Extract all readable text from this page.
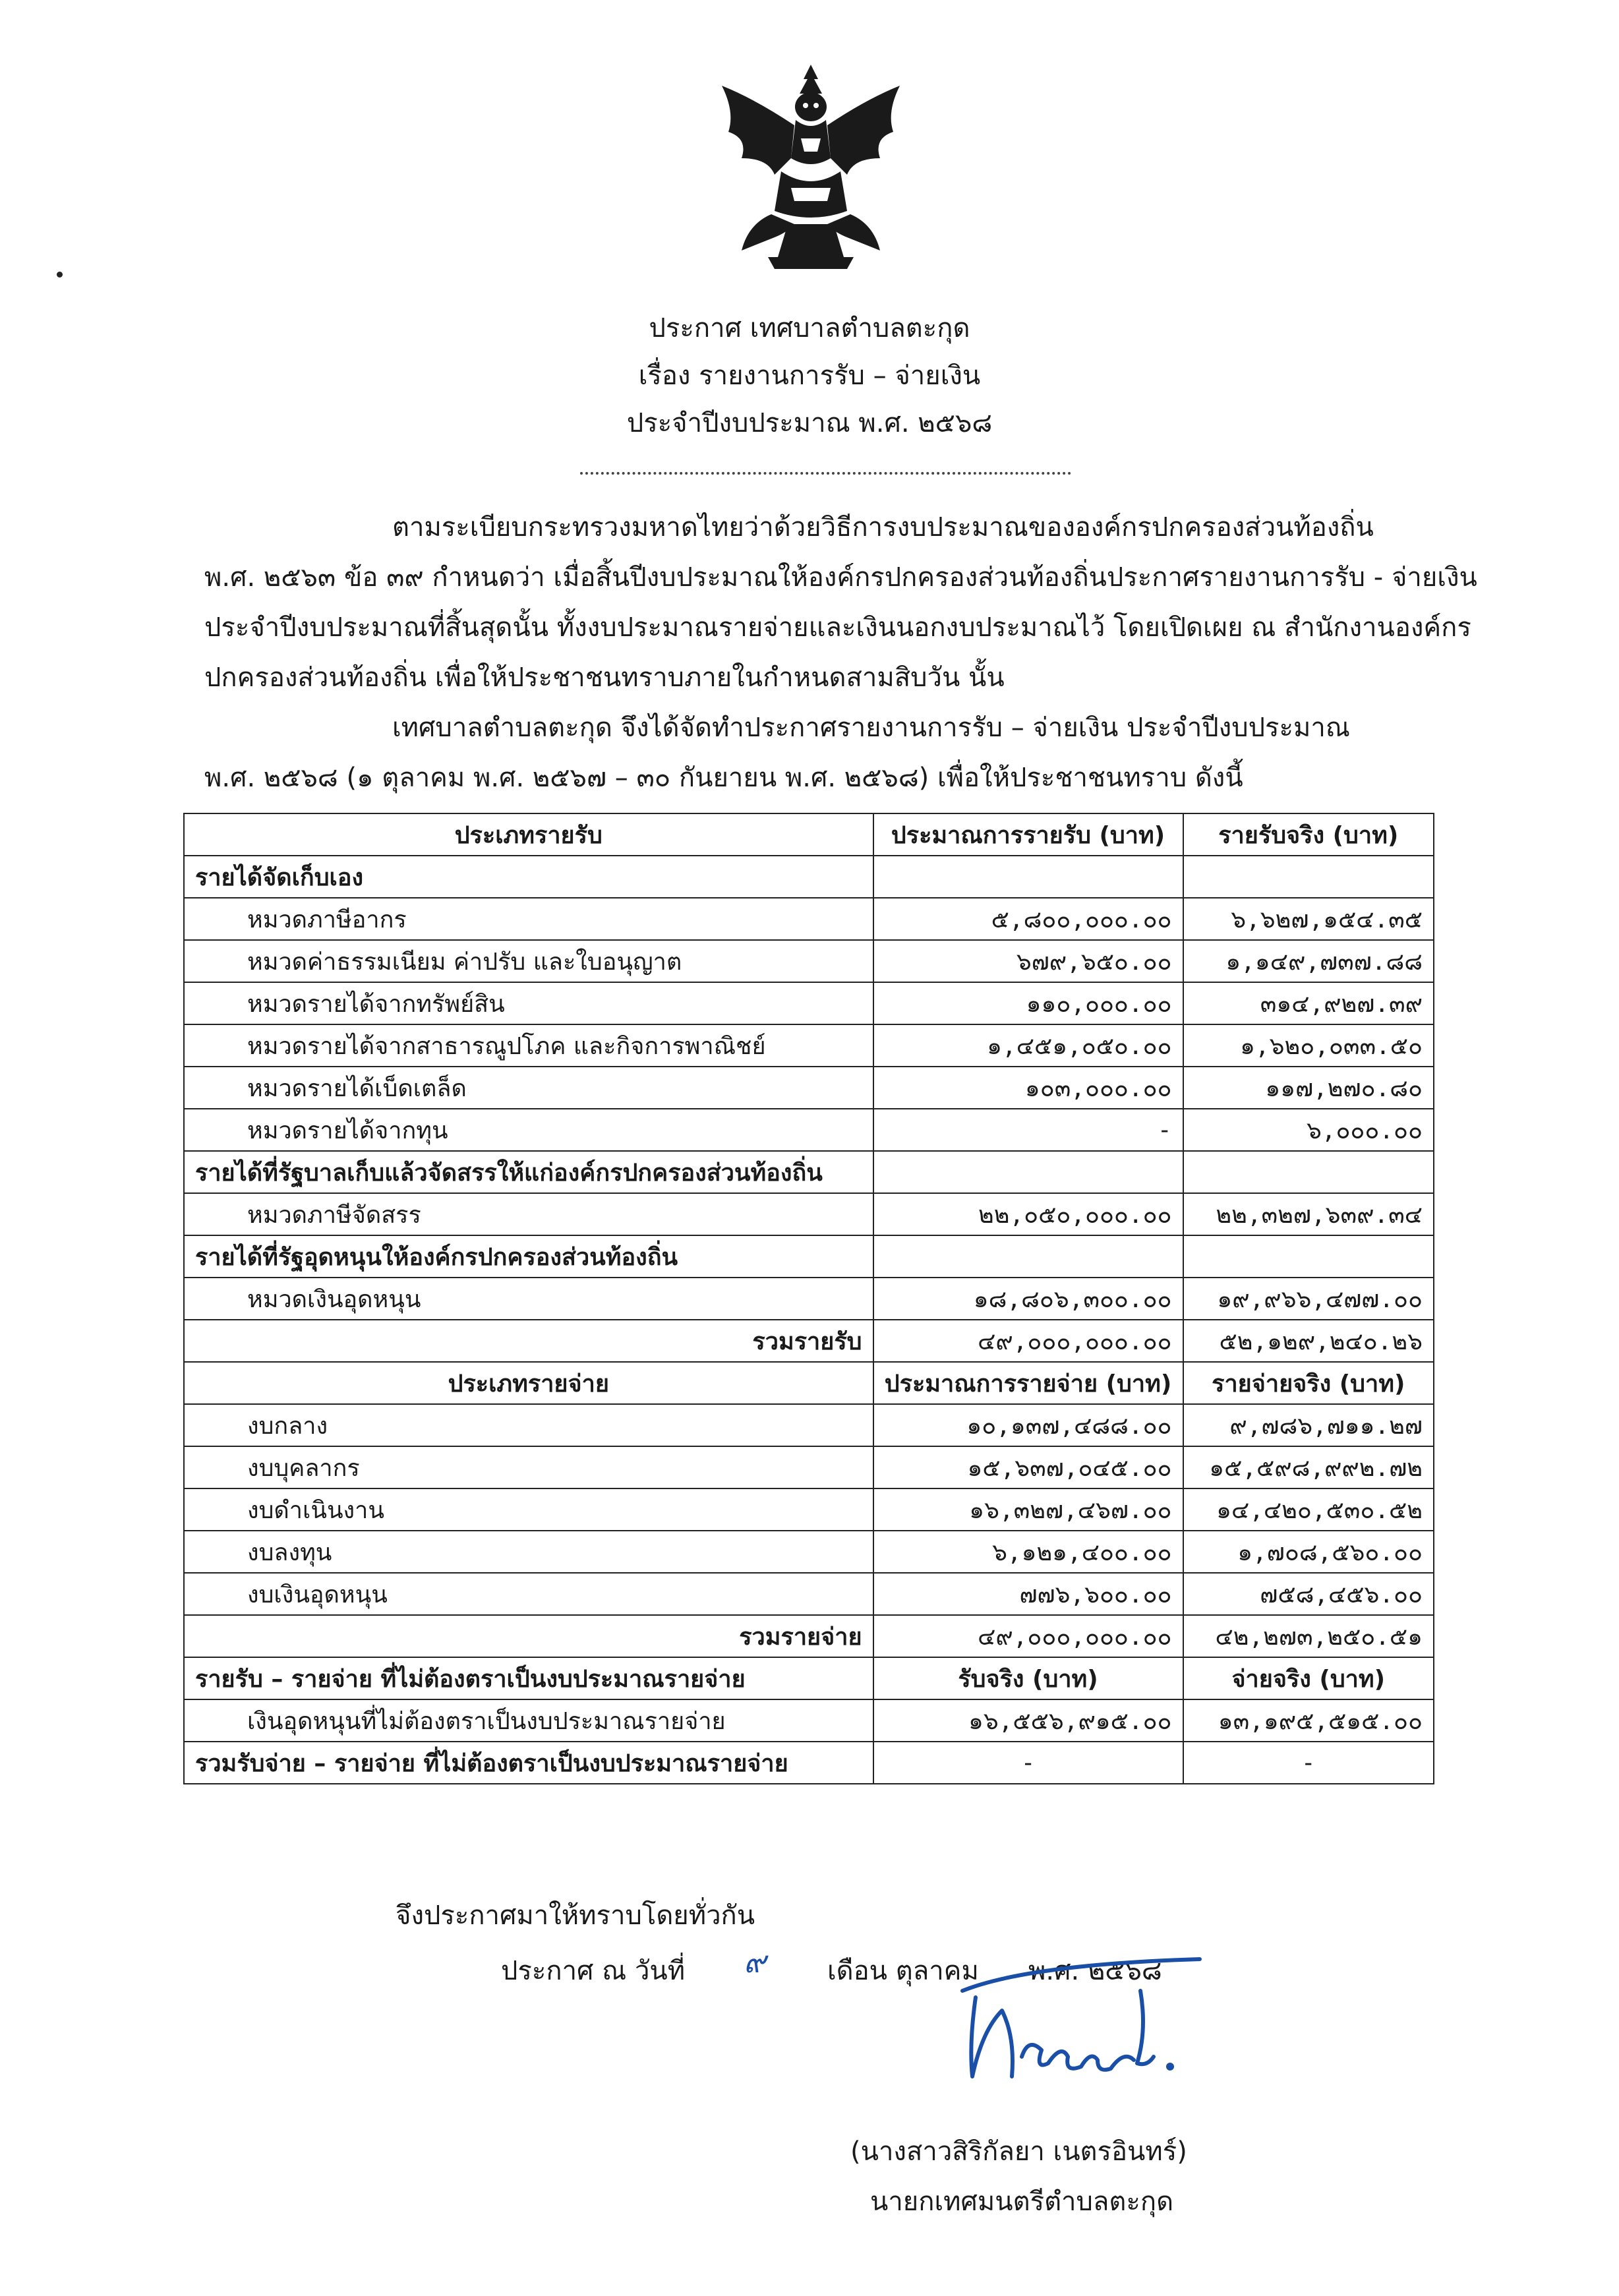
ประกาศ เทศบาลตำบลตะกุด
เรื่อง รายงานการรับ – จ่ายเงิน
ประจำปีงบประมาณ พ.ศ. ๒๕๖๘
ตามระเบียบกระทรวงมหาดไทยว่าด้วยวิธีการงบประมาณขององค์กรปกครองส่วนท้องถิ่น
พ.ศ. ๒๕๖๓ ข้อ ๓๙ กำหนดว่า เมื่อสิ้นปีงบประมาณให้องค์กรปกครองส่วนท้องถิ่นประกาศรายงานการรับ - จ่ายเงิน
ประจำปีงบประมาณที่สิ้นสุดนั้น ทั้งงบประมาณรายจ่ายและเงินนอกงบประมาณไว้ โดยเปิดเผย ณ สำนักงานองค์กร
ปกครองส่วนท้องถิ่น เพื่อให้ประชาชนทราบภายในกำหนดสามสิบวัน นั้น
เทศบาลตำบลตะกุด จึงได้จัดทำประกาศรายงานการรับ – จ่ายเงิน ประจำปีงบประมาณ
พ.ศ. ๒๕๖๘ (๑ ตุลาคม พ.ศ. ๒๕๖๗ – ๓๐ กันยายน พ.ศ. ๒๕๖๘) เพื่อให้ประชาชนทราบ ดังนี้
ประเภทรายรับ	ประมาณการรายรับ (บาท)	รายรับจริง (บาท)
รายได้จัดเก็บเอง		
หมวดภาษีอากร	๕,๘๐๐,๐๐๐.๐๐	๖,๖๒๗,๑๕๔.๓๕
หมวดค่าธรรมเนียม ค่าปรับ และใบอนุญาต	๖๗๙,๖๕๐.๐๐	๑,๑๔๙,๗๓๗.๘๘
หมวดรายได้จากทรัพย์สิน	๑๑๐,๐๐๐.๐๐	๓๑๔,๙๒๗.๓๙
หมวดรายได้จากสาธารณูปโภค และกิจการพาณิชย์	๑,๔๕๑,๐๕๐.๐๐	๑,๖๒๐,๐๓๓.๕๐
หมวดรายได้เบ็ดเตล็ด	๑๐๓,๐๐๐.๐๐	๑๑๗,๒๗๐.๘๐
หมวดรายได้จากทุน	-	๖,๐๐๐.๐๐
รายได้ที่รัฐบาลเก็บแล้วจัดสรรให้แก่องค์กรปกครองส่วนท้องถิ่น		
หมวดภาษีจัดสรร	๒๒,๐๕๐,๐๐๐.๐๐	๒๒,๓๒๗,๖๓๙.๓๔
รายได้ที่รัฐอุดหนุนให้องค์กรปกครองส่วนท้องถิ่น		
หมวดเงินอุดหนุน	๑๘,๘๐๖,๓๐๐.๐๐	๑๙,๙๖๖,๔๗๗.๐๐
รวมรายรับ	๔๙,๐๐๐,๐๐๐.๐๐	๕๒,๑๒๙,๒๔๐.๒๖
ประเภทรายจ่าย	ประมาณการรายจ่าย (บาท)	รายจ่ายจริง (บาท)
งบกลาง	๑๐,๑๓๗,๔๘๘.๐๐	๙,๗๘๖,๗๑๑.๒๗
งบบุคลากร	๑๕,๖๓๗,๐๔๕.๐๐	๑๕,๕๙๘,๙๙๒.๗๒
งบดำเนินงาน	๑๖,๓๒๗,๔๖๗.๐๐	๑๔,๔๒๐,๕๓๐.๕๒
งบลงทุน	๖,๑๒๑,๔๐๐.๐๐	๑,๗๐๘,๕๖๐.๐๐
งบเงินอุดหนุน	๗๗๖,๖๐๐.๐๐	๗๕๘,๔๕๖.๐๐
รวมรายจ่าย	๔๙,๐๐๐,๐๐๐.๐๐	๔๒,๒๗๓,๒๕๐.๕๑
รายรับ – รายจ่าย ที่ไม่ต้องตราเป็นงบประมาณรายจ่าย	รับจริง (บาท)	จ่ายจริง (บาท)
เงินอุดหนุนที่ไม่ต้องตราเป็นงบประมาณรายจ่าย	๑๖,๕๕๖,๙๑๕.๐๐	๑๓,๑๙๕,๕๑๕.๐๐
รวมรับจ่าย – รายจ่าย ที่ไม่ต้องตราเป็นงบประมาณรายจ่าย	-	-
จึงประกาศมาให้ทราบโดยทั่วกัน
ประกาศ ณ วันที่ ๙ เดือน ตุลาคม พ.ศ. ๒๕๖๘
(นางสาวสิริกัลยา เนตรอินทร์)
นายกเทศมนตรีตำบลตะกุด
